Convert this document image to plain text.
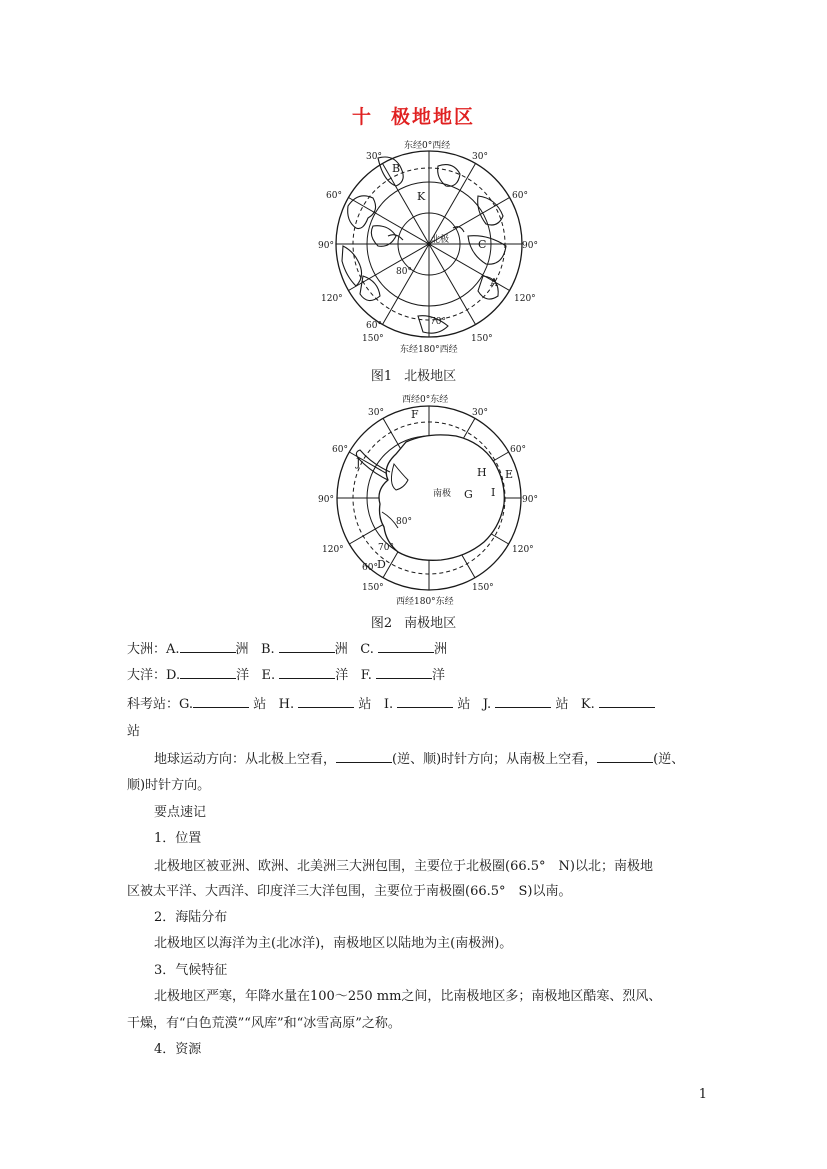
十 极地地区
东经0°西经
东经180°西经
北极
30°	30°
60°	60°
90°	90°
120°	120°
150°	150°
80°
70°
60°
A
B
C
K
图1 北极地区
西经0°东经
西经180°东经
南极
30°	30°
60°	60°
90°	90°
120°	120°
150°	150°
80°
70°
60° D
E
F
G
H
I
J
图2 南极地区
大洲：A.	洲 B.	洲 C.	洲
大洋：D.	洋 E.	洋 F.	洋
科考站：G.	站 H.	站 I.	站 J.	站 K.
站
地球运动方向：从北极上空看，	(逆、顺)时针方向；从南极上空看，	(逆、
顺)时针方向。
要点速记
1．位置
北极地区被亚洲、欧洲、北美洲三大洲包围，主要位于北极圈(66.5°　N)以北；南极地
区被太平洋、大西洋、印度洋三大洋包围，主要位于南极圈(66.5°　S)以南。
2．海陆分布
北极地区以海洋为主(北冰洋)，南极地区以陆地为主(南极洲)。
3．气候特征
北极地区严寒，年降水量在100～250 mm之间，比南极地区多；南极地区酷寒、烈风、
干燥，有“白色荒漠”“风库”和“冰雪高原”之称。
4．资源
1
